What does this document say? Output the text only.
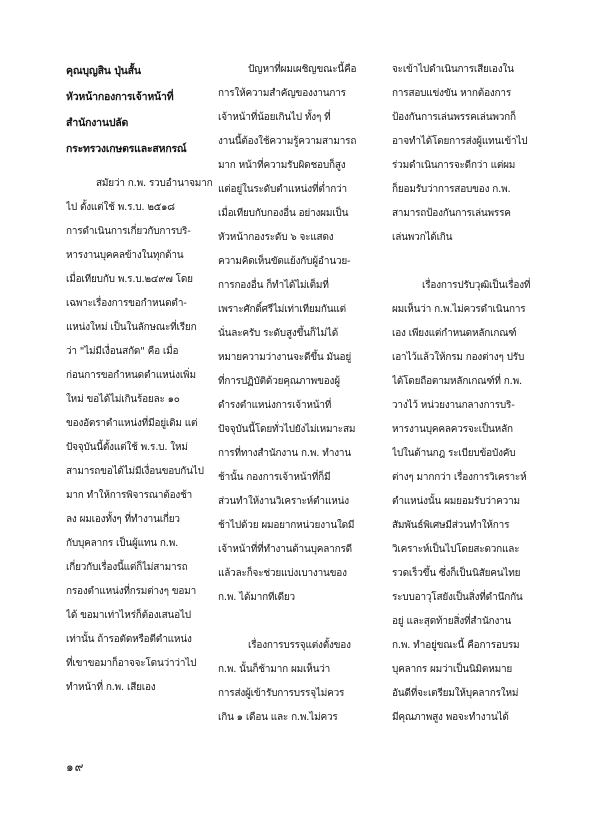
คุณบุญสิน ปุ่นสั้น
หัวหน้ากองการเจ้าหน้าที่
สำนักงานปลัด
กระทรวงเกษตรและสหกรณ์
สมัยว่า ก.พ. รวบอำนาจมาก
ไป ตั้งแต่ใช้ พ.ร.บ. ๒๕๑๘
การดำเนินการเกี่ยวกับการบริ-
หารงานบุคคลข้างในทุกด้าน
เมื่อเทียบกับ พ.ร.บ.๒๔๙๗ โดย
เฉพาะเรื่องการขอกำหนดตำ-
แหน่งใหม่ เป็นในลักษณะที่เรียก
ว่า "ไม่มีเงื่อนสกัด" คือ เมื่อ
ก่อนการขอกำหนดตำแหน่งเพิ่ม
ใหม่ ขอได้ไม่เกินร้อยละ ๑๐
ของอัตราตำแหน่งที่มีอยู่เดิม แต่
ปัจจุบันนี้ตั้งแต่ใช้ พ.ร.บ. ใหม่
สามารถขอได้ไม่มีเงื่อนขอบกันไป
มาก ทำให้การพิจารณาต้องช้า
ลง ผมเองทั้งๆ ที่ทำงานเกี่ยว
กับบุคลากร เป็นผู้แทน ก.พ.
เกี่ยวกับเรื่องนี้แต่ก็ไม่สามารถ
กรองตำแหน่งที่กรมต่างๆ ขอมา
ได้ ขอมาเท่าไหร่ก็ต้องเสนอไป
เท่านั้น ถ้ารอตัดหรือตีตำแหน่ง
ที่เขาขอมาก็อาจจะโดนว่าว่าไป
ทำหน้าที่ ก.พ. เสียเอง
ปัญหาที่ผมเผชิญขณะนี้คือ
การให้ความสำคัญของงานการ
เจ้าหน้าที่น้อยเกินไป ทั้งๆ ที่
งานนี้ต้องใช้ความรู้ความสามารถ
มาก หน้าที่ความรับผิดชอบก็สูง
แต่อยู่ในระดับตำแหน่งที่ต่ำกว่า
เมื่อเทียบกับกองอื่น อย่างผมเป็น
หัวหน้ากองระดับ ๖ จะแสดง
ความคิดเห็นขัดแย้งกับผู้อำนวย-
การกองอื่น ก็ทำได้ไม่เต็มที่
เพราะศักดิ์ศรีไม่เท่าเทียมกันแต่
นั่นละครับ ระดับสูงขึ้นก็ไม่ได้
หมายความว่างานจะดีขึ้น มันอยู่
ที่การปฏิบัติด้วยคุณภาพของผู้
ดำรงตำแหน่งการเจ้าหน้าที่
ปัจจุบันนี้โดยทั่วไปยังไม่เหมาะสม
การที่ทางสำนักงาน ก.พ. ทำงาน
ช้านั้น กองการเจ้าหน้าที่ก็มี
ส่วนทำให้งานวิเคราะห์ตำแหน่ง
ช้าไปด้วย ผมอยากหน่วยงานใดมี
เจ้าหน้าที่ที่ทำงานด้านบุคลากรดี
แล้วละก็จะช่วยแบ่งเบางานของ
ก.พ. ได้มากทีเดียว
เรื่องการบรรจุแต่งตั้งของ
ก.พ. นั้นก็ช้ามาก ผมเห็นว่า
การส่งผู้เข้ารับการบรรจุไม่ควร
เกิน ๑ เดือน และ ก.พ.ไม่ควร
จะเข้าไปดำเนินการเสียเองใน
การสอบแข่งขัน หากต้องการ
ป้องกันการเล่นพรรคเล่นพวกก็
อาจทำได้โดยการส่งผู้แทนเข้าไป
ร่วมดำเนินการจะดีกว่า แต่ผม
ก็ยอมรับว่าการสอบของ ก.พ.
สามารถป้องกันการเล่นพรรค
เล่นพวกได้เกิน
เรื่องการปรับวุฒิเป็นเรื่องที่
ผมเห็นว่า ก.พ.ไม่ควรดำเนินการ
เอง เพียงแต่กำหนดหลักเกณฑ์
เอาไว้แล้วให้กรม กองต่างๆ ปรับ
ได้โดยถือตามหลักเกณฑ์ที่ ก.พ.
วางไว้ หน่วยงานกลางการบริ-
หารงานบุคคลควรจะเป็นหลัก
ไปในด้านกฎ ระเบียบข้อบังคับ
ต่างๆ มากกว่า เรื่องการวิเคราะห์
ตำแหน่งนั้น ผมยอมรับว่าความ
สัมพันธ์พิเศษมีส่วนทำให้การ
วิเคราะห์เป็นไปโดยสะดวกและ
รวดเร็วขึ้น ซึ่งก็เป็นนิสัยคนไทย
ระบบอาวุโสยังเป็นสิ่งที่ดำนึกกัน
อยู่ และสุดท้ายสิ่งที่สำนักงาน
ก.พ. ทำอยู่ขณะนี้ คือการอบรม
บุคลากร ผมว่าเป็นนิมิตหมาย
อันดีที่จะเตรียมให้บุคลากรใหม่
มีคุณภาพสูง พอจะทำงานได้
๑๙
